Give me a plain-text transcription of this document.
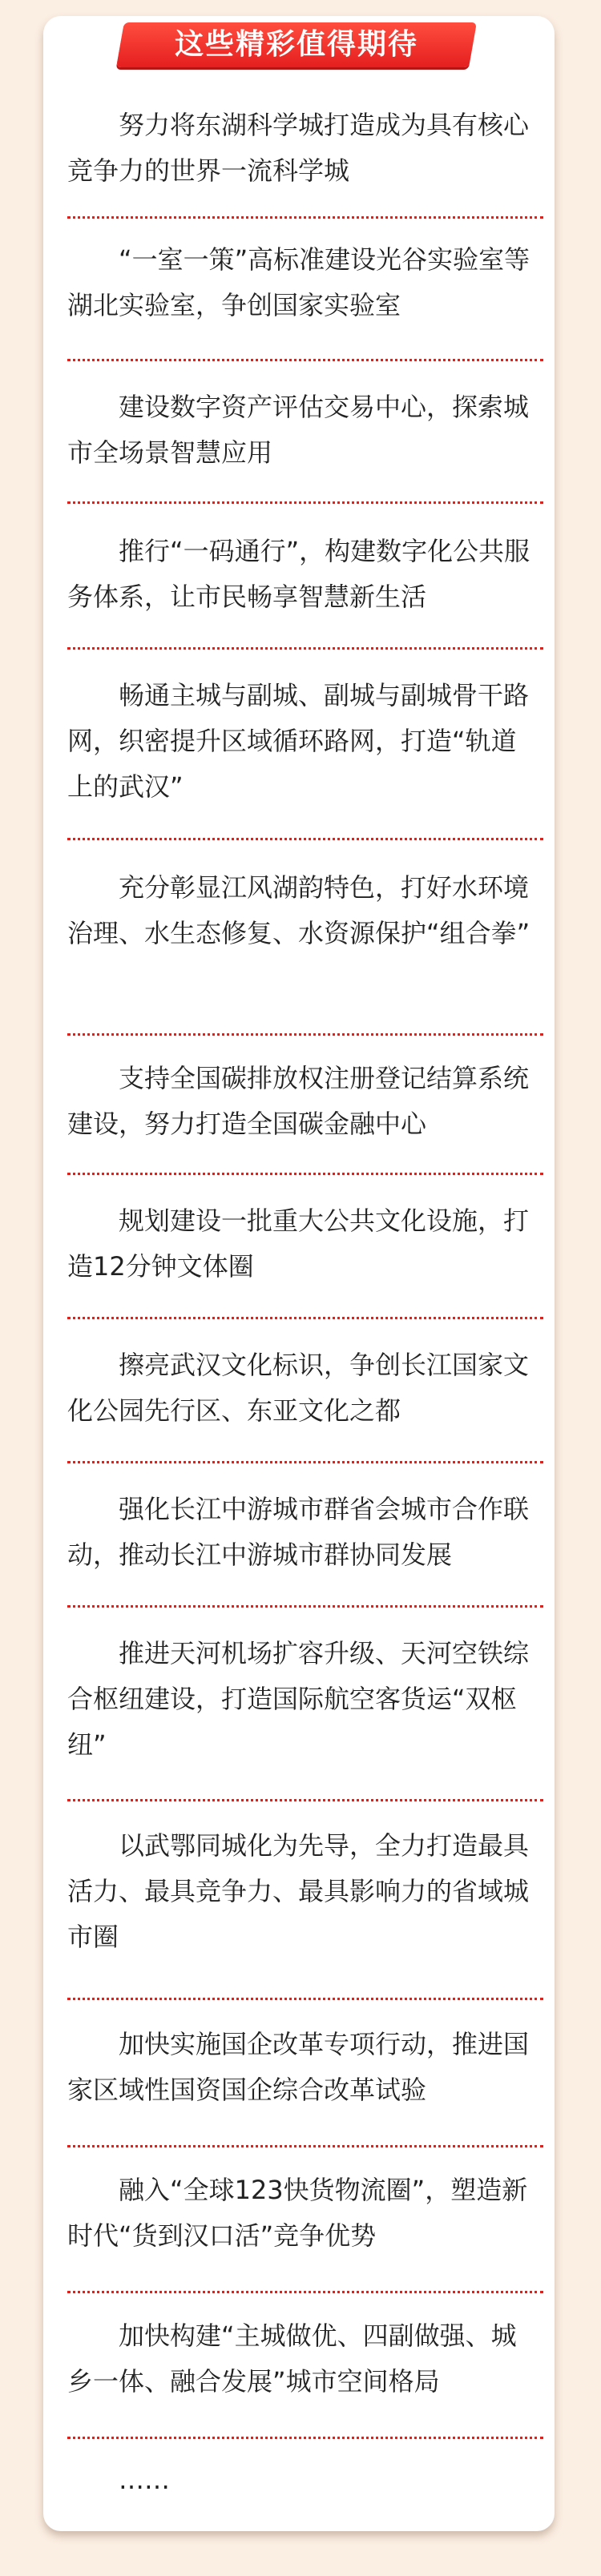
这些精彩值得期待
努力将东湖科学城打造成为具有核心竞争力的世界一流科学城
“一室一策”高标准建设光谷实验室等湖北实验室，争创国家实验室
建设数字资产评估交易中心，探索城市全场景智慧应用
推行“一码通行”，构建数字化公共服务体系，让市民畅享智慧新生活
畅通主城与副城、副城与副城骨干路网，织密提升区域循环路网，打造“轨道上的武汉”
充分彰显江风湖韵特色，打好水环境治理、水生态修复、水资源保护“组合拳”
支持全国碳排放权注册登记结算系统建设，努力打造全国碳金融中心
规划建设一批重大公共文化设施，打造12分钟文体圈
擦亮武汉文化标识，争创长江国家文化公园先行区、东亚文化之都
强化长江中游城市群省会城市合作联动，推动长江中游城市群协同发展
推进天河机场扩容升级、天河空铁综合枢纽建设，打造国际航空客货运“双枢纽”
以武鄂同城化为先导，全力打造最具活力、最具竞争力、最具影响力的省域城市圈
加快实施国企改革专项行动，推进国家区域性国资国企综合改革试验
融入“全球123快货物流圈”，塑造新时代“货到汉口活”竞争优势
加快构建“主城做优、四副做强、城乡一体、融合发展”城市空间格局
……
